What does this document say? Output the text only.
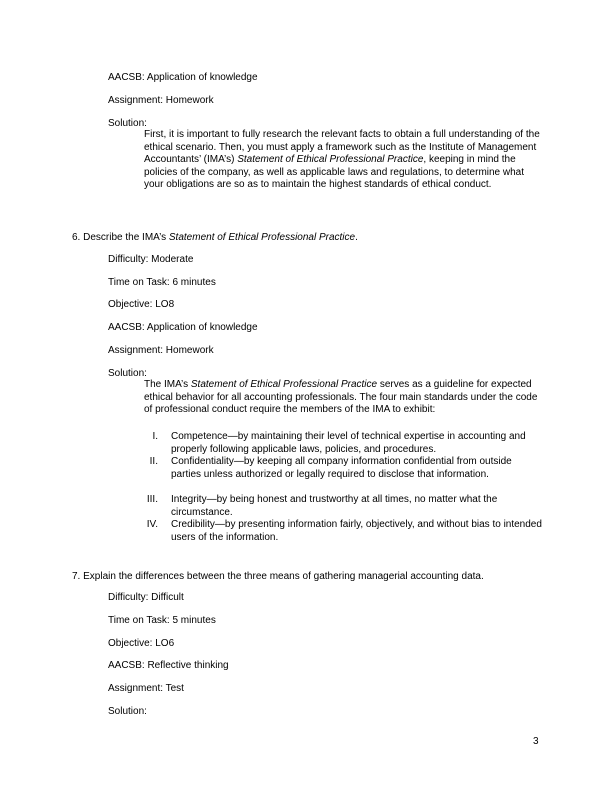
AACSB: Application of knowledge
Assignment: Homework
Solution:
First, it is important to fully research the relevant facts to obtain a full understanding of the ethical scenario. Then, you must apply a framework such as the Institute of Management Accountants’ (IMA’s) Statement of Ethical Professional Practice, keeping in mind the policies of the company, as well as applicable laws and regulations, to determine what your obligations are so as to maintain the highest standards of ethical conduct.
6. Describe the IMA’s Statement of Ethical Professional Practice.
Difficulty: Moderate
Time on Task: 6 minutes
Objective: LO8
AACSB: Application of knowledge
Assignment: Homework
Solution:
The IMA’s Statement of Ethical Professional Practice serves as a guideline for expected ethical behavior for all accounting professionals. The four main standards under the code of professional conduct require the members of the IMA to exhibit:
I. Competence—by maintaining their level of technical expertise in accounting and properly following applicable laws, policies, and procedures.
II. Confidentiality—by keeping all company information confidential from outside parties unless authorized or legally required to disclose that information.
III. Integrity—by being honest and trustworthy at all times, no matter what the circumstance.
IV. Credibility—by presenting information fairly, objectively, and without bias to intended users of the information.
7. Explain the differences between the three means of gathering managerial accounting data.
Difficulty: Difficult
Time on Task: 5 minutes
Objective: LO6
AACSB: Reflective thinking
Assignment: Test
Solution:
3
